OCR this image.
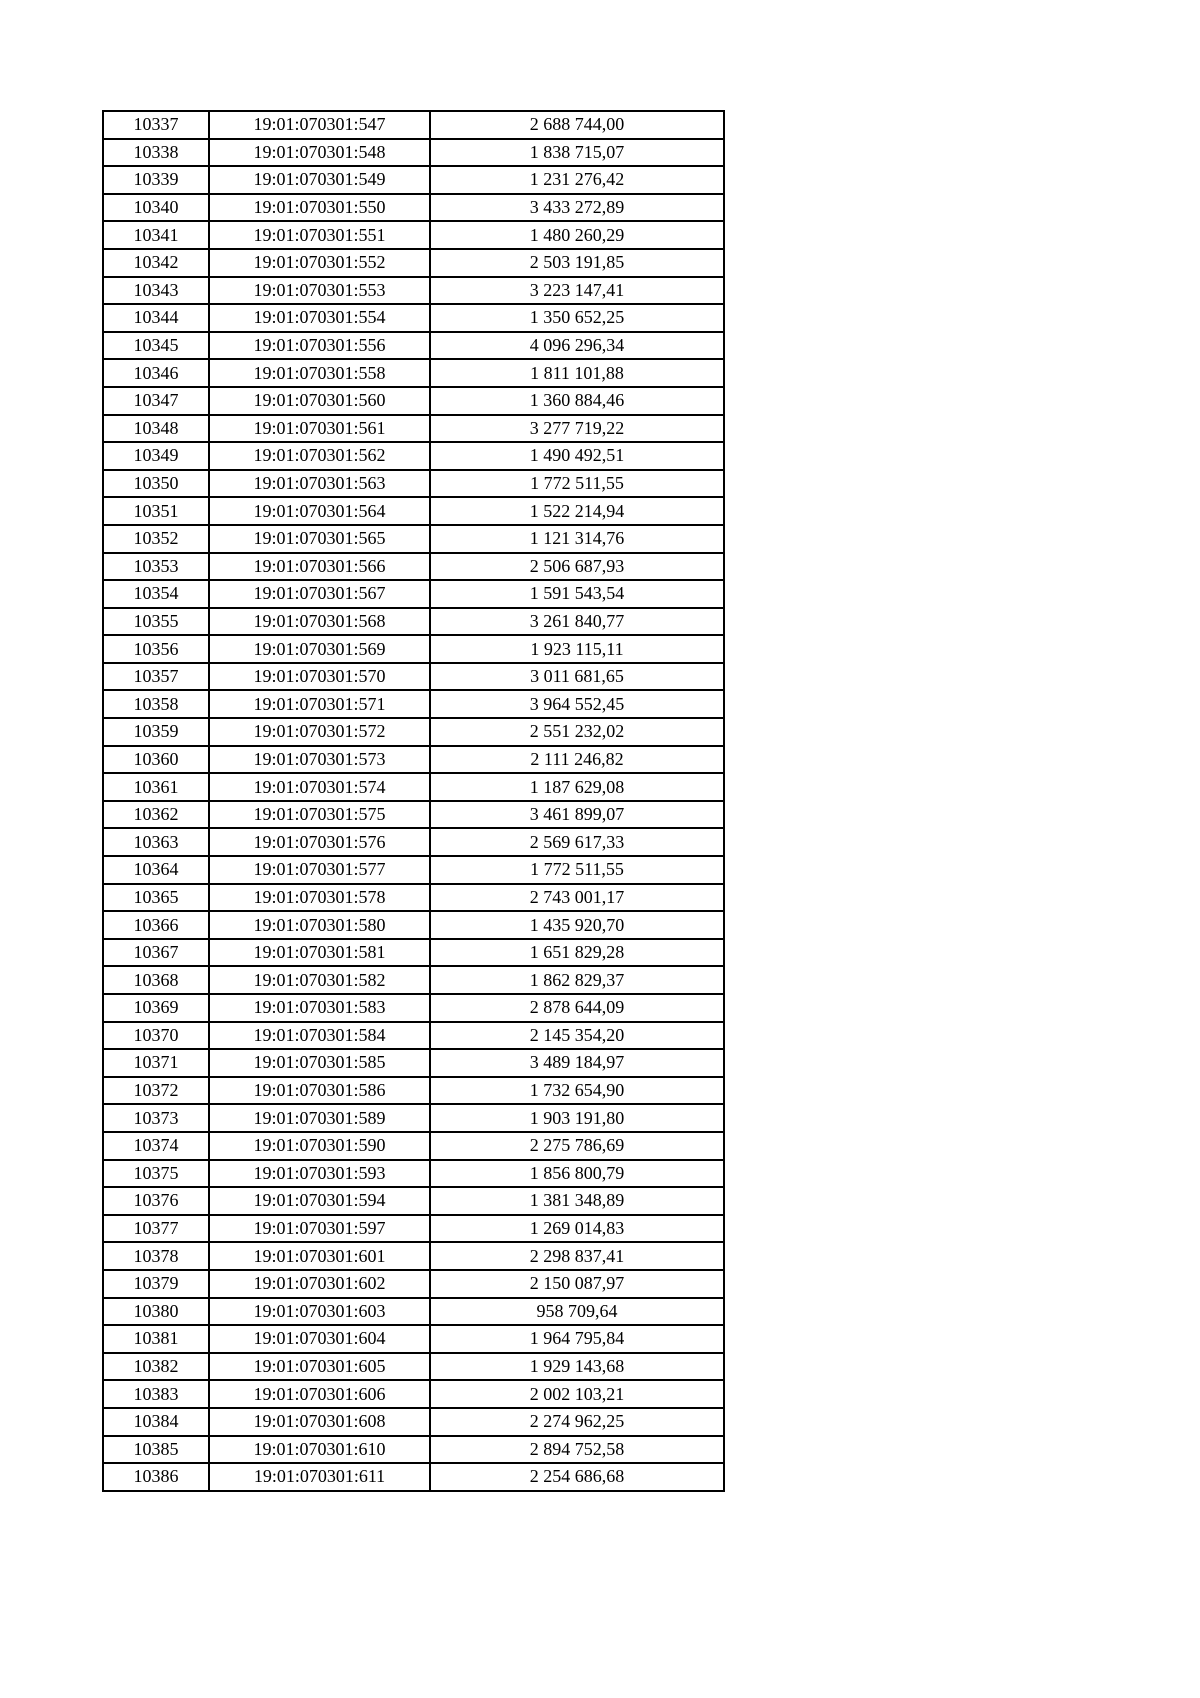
10337	19:01:070301:547	2 688 744,00
10338	19:01:070301:548	1 838 715,07
10339	19:01:070301:549	1 231 276,42
10340	19:01:070301:550	3 433 272,89
10341	19:01:070301:551	1 480 260,29
10342	19:01:070301:552	2 503 191,85
10343	19:01:070301:553	3 223 147,41
10344	19:01:070301:554	1 350 652,25
10345	19:01:070301:556	4 096 296,34
10346	19:01:070301:558	1 811 101,88
10347	19:01:070301:560	1 360 884,46
10348	19:01:070301:561	3 277 719,22
10349	19:01:070301:562	1 490 492,51
10350	19:01:070301:563	1 772 511,55
10351	19:01:070301:564	1 522 214,94
10352	19:01:070301:565	1 121 314,76
10353	19:01:070301:566	2 506 687,93
10354	19:01:070301:567	1 591 543,54
10355	19:01:070301:568	3 261 840,77
10356	19:01:070301:569	1 923 115,11
10357	19:01:070301:570	3 011 681,65
10358	19:01:070301:571	3 964 552,45
10359	19:01:070301:572	2 551 232,02
10360	19:01:070301:573	2 111 246,82
10361	19:01:070301:574	1 187 629,08
10362	19:01:070301:575	3 461 899,07
10363	19:01:070301:576	2 569 617,33
10364	19:01:070301:577	1 772 511,55
10365	19:01:070301:578	2 743 001,17
10366	19:01:070301:580	1 435 920,70
10367	19:01:070301:581	1 651 829,28
10368	19:01:070301:582	1 862 829,37
10369	19:01:070301:583	2 878 644,09
10370	19:01:070301:584	2 145 354,20
10371	19:01:070301:585	3 489 184,97
10372	19:01:070301:586	1 732 654,90
10373	19:01:070301:589	1 903 191,80
10374	19:01:070301:590	2 275 786,69
10375	19:01:070301:593	1 856 800,79
10376	19:01:070301:594	1 381 348,89
10377	19:01:070301:597	1 269 014,83
10378	19:01:070301:601	2 298 837,41
10379	19:01:070301:602	2 150 087,97
10380	19:01:070301:603	958 709,64
10381	19:01:070301:604	1 964 795,84
10382	19:01:070301:605	1 929 143,68
10383	19:01:070301:606	2 002 103,21
10384	19:01:070301:608	2 274 962,25
10385	19:01:070301:610	2 894 752,58
10386	19:01:070301:611	2 254 686,68
